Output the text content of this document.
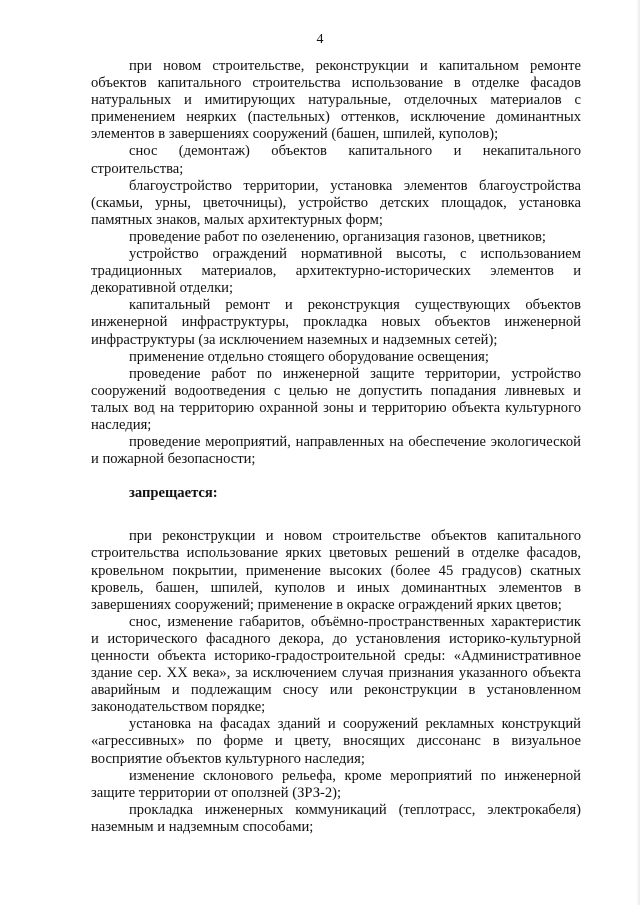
4

при новом строительстве, реконструкции и капитальном ремонте объектов капитального строительства использование в отделке фасадов натуральных и имитирующих натуральные, отделочных материалов с применением неярких (пастельных) оттенков, исключение доминантных элементов в завершениях сооружений (башен, шпилей, куполов);

снос (демонтаж) объектов капитального и некапитального строительства;

благоустройство территории, установка элементов благоустройства (скамьи, урны, цветочницы), устройство детских площадок, установка памятных знаков, малых архитектурных форм;

проведение работ по озеленению, организация газонов, цветников;

устройство ограждений нормативной высоты, с использованием традиционных материалов, архитектурно-исторических элементов и декоративной отделки;

капитальный ремонт и реконструкция существующих объектов инженерной инфраструктуры, прокладка новых объектов инженерной инфраструктуры (за исключением наземных и надземных сетей);

применение отдельно стоящего оборудование освещения;

проведение работ по инженерной защите территории, устройство сооружений водоотведения с целью не допустить попадания ливневых и талых вод на территорию охранной зоны и территорию объекта культурного наследия;

проведение мероприятий, направленных на обеспечение экологической и пожарной безопасности;

запрещается:

при реконструкции и новом строительстве объектов капитального строительства использование ярких цветовых решений в отделке фасадов, кровельном покрытии, применение высоких (более 45 градусов) скатных кровель, башен, шпилей, куполов и иных доминантных элементов в завершениях сооружений; применение в окраске ограждений ярких цветов;

снос, изменение габаритов, объёмно-пространственных характеристик и исторического фасадного декора, до установления историко-культурной ценности объекта историко-градостроительной среды: «Административное здание сер. XX века», за исключением случая признания указанного объекта аварийным и подлежащим сносу или реконструкции в установленном законодательством порядке;

установка на фасадах зданий и сооружений рекламных конструкций «агрессивных» по форме и цвету, вносящих диссонанс в визуальное восприятие объектов культурного наследия;

изменение склонового рельефа, кроме мероприятий по инженерной защите территории от оползней (ЗРЗ-2);

прокладка инженерных коммуникаций (теплотрасс, электрокабеля) наземным и надземным способами;
